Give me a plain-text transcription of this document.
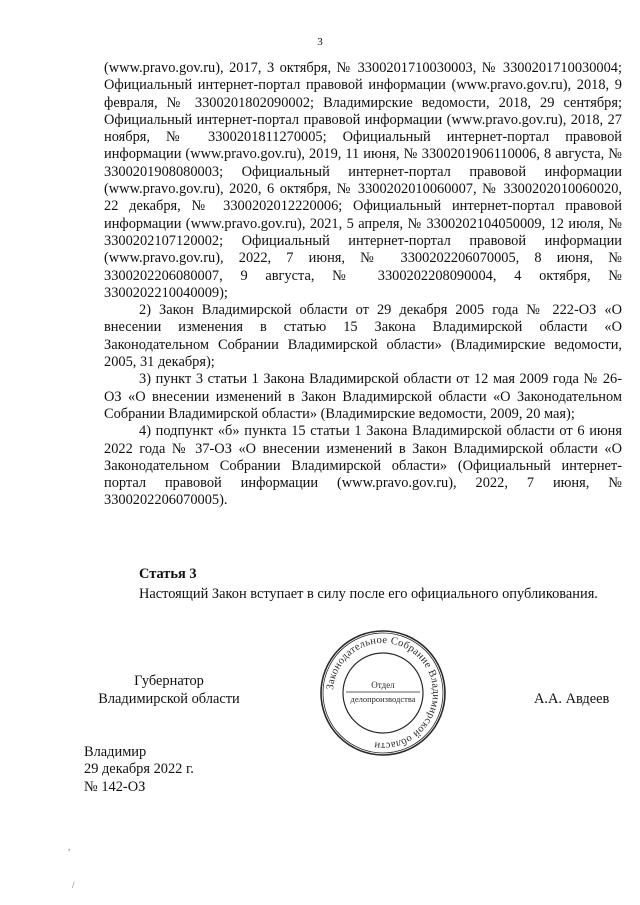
3

(www.pravo.gov.ru), 2017, 3 октября, № 3300201710030003, № 3300201710030004; Официальный интернет-портал правовой информации (www.pravo.gov.ru), 2018, 9 февраля, № 3300201802090002; Владимирские ведомости, 2018, 29 сентября; Официальный интернет-портал правовой информации (www.pravo.gov.ru), 2018, 27 ноября, № 3300201811270005; Официальный интернет-портал правовой информации (www.pravo.gov.ru), 2019, 11 июня, № 3300201906110006, 8 августа, № 3300201908080003; Официальный интернет-портал правовой информации (www.pravo.gov.ru), 2020, 6 октября, № 3300202010060007, № 3300202010060020, 22 декабря, № 3300202012220006; Официальный интернет-портал правовой информации (www.pravo.gov.ru), 2021, 5 апреля, № 3300202104050009, 12 июля, № 3300202107120002; Официальный интернет-портал правовой информации (www.pravo.gov.ru), 2022, 7 июня, № 3300202206070005, 8 июня, № 3300202206080007, 9 августа, № 3300202208090004, 4 октября, № 3300202210040009);

2) Закон Владимирской области от 29 декабря 2005 года № 222-ОЗ «О внесении изменения в статью 15 Закона Владимирской области «О Законодательном Собрании Владимирской области» (Владимирские ведомости, 2005, 31 декабря);

3) пункт 3 статьи 1 Закона Владимирской области от 12 мая 2009 года № 26-ОЗ «О внесении изменений в Закон Владимирской области «О Законодательном Собрании Владимирской области» (Владимирские ведомости, 2009, 20 мая);

4) подпункт «б» пункта 15 статьи 1 Закона Владимирской области от 6 июня 2022 года № 37-ОЗ «О внесении изменений в Закон Владимирской области «О Законодательном Собрании Владимирской области» (Официальный интернет-портал правовой информации (www.pravo.gov.ru), 2022, 7 июня, № 3300202206070005).

Статья 3
Настоящий Закон вступает в силу после его официального опубликования.
Губернатор
Владимирской области
Законодательное Собрание Владимирской области
Отдел
делопроизводства	А.А. Авдеев
Владимир
29 декабря 2022 г.
№ 142-ОЗ
,
/
